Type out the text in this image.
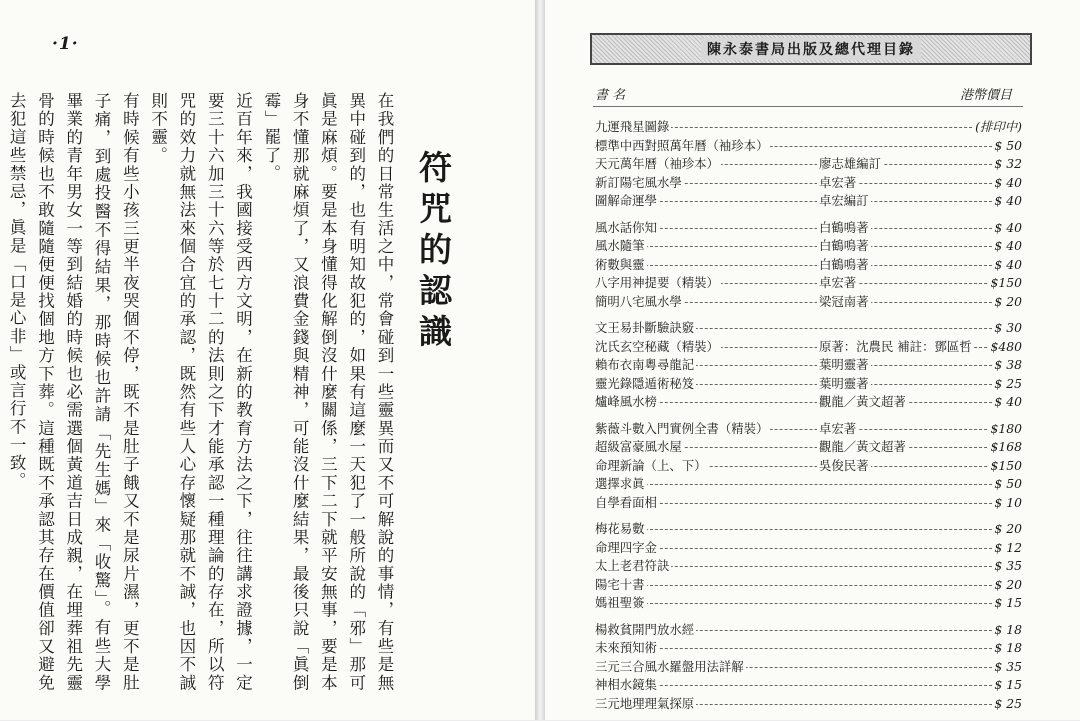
·1·
符咒的認識

在我們的日常生活之中，常會碰到一些靈異而又不可解說的事情，有些是無異中碰到的，也有明知故犯的，如果有這麼一天犯了一般所說的「邪」那可眞是麻煩。要是本身懂得化解倒沒什麼關係，三下二下就平安無事，要是本身不懂那就麻煩了，又浪費金錢與精神，可能沒什麼結果，最後只說「眞倒霉」罷了。

近百年來，我國接受西方文明，在新的教育方法之下，往往講求證據，一定要三十六加三十六等於七十二的法則之下才能承認一種理論的存在，所以符咒的效力就無法來個合宜的承認，既然有些人心存懷疑那就不誠，也因不誠則不靈。

有時候有些小孩三更半夜哭個不停，既不是肚子餓又不是尿片濕，更不是肚子痛，到處投醫不得結果，那時候也許請「先生媽」來「收驚」。有些大學畢業的青年男女一等到結婚的時候也必需選個黃道吉日成親，在埋葬祖先靈骨的時候也不敢隨隨便便找個地方下葬。這種既不承認其存在價值卻又避免去犯這些禁忌，眞是「口是心非」或言行不一致。

陳永泰書局出版及總代理目錄
書 名	港幣價目
九運飛星圖錄	(排印中)
標準中西對照萬年曆（袖珍本）	$ 50
天元萬年曆（袖珍本）	廖志雄編訂	$ 32
新訂陽宅風水學	卓宏著	$ 40
圖解命運學	卓宏編訂	$ 40
風水話你知	白鶴鳴著	$ 40
風水隨筆	白鶴鳴著	$ 40
術數與靈	白鶴鳴著	$ 40
八字用神提要（精裝）	卓宏著	$150
簡明八宅風水學	梁冠南著	$ 20
文王易卦斷驗訣竅	$ 30
沈氏玄空秘藏（精裝）	原著：沈農民 補註：鄧區哲 $480
賴布衣南粵尋龍記	葉明靈著	$ 38
靈光錄隱遁術秘笈	葉明靈著	$ 25
爐峰風水榜	觀龍／黃文超著	$ 40
紫薇斗數入門實例全書（精裝）	卓宏著	$180
超級富豪風水屋	觀龍／黃文超著	$168
命理新論（上、下）	吳俊民著	$150
選擇求眞	$ 50
自學看面相	$ 10
梅花易數	$ 20
命理四字金	$ 12
太上老君符訣	$ 35
陽宅十書	$ 20
媽祖聖簽	$ 15
楊救貧開門放水經	$ 18
未來預知術	$ 18
三元三合風水羅盤用法詳解	$ 35
神相水鏡集	$ 15
三元地理理氣探原	$ 25
